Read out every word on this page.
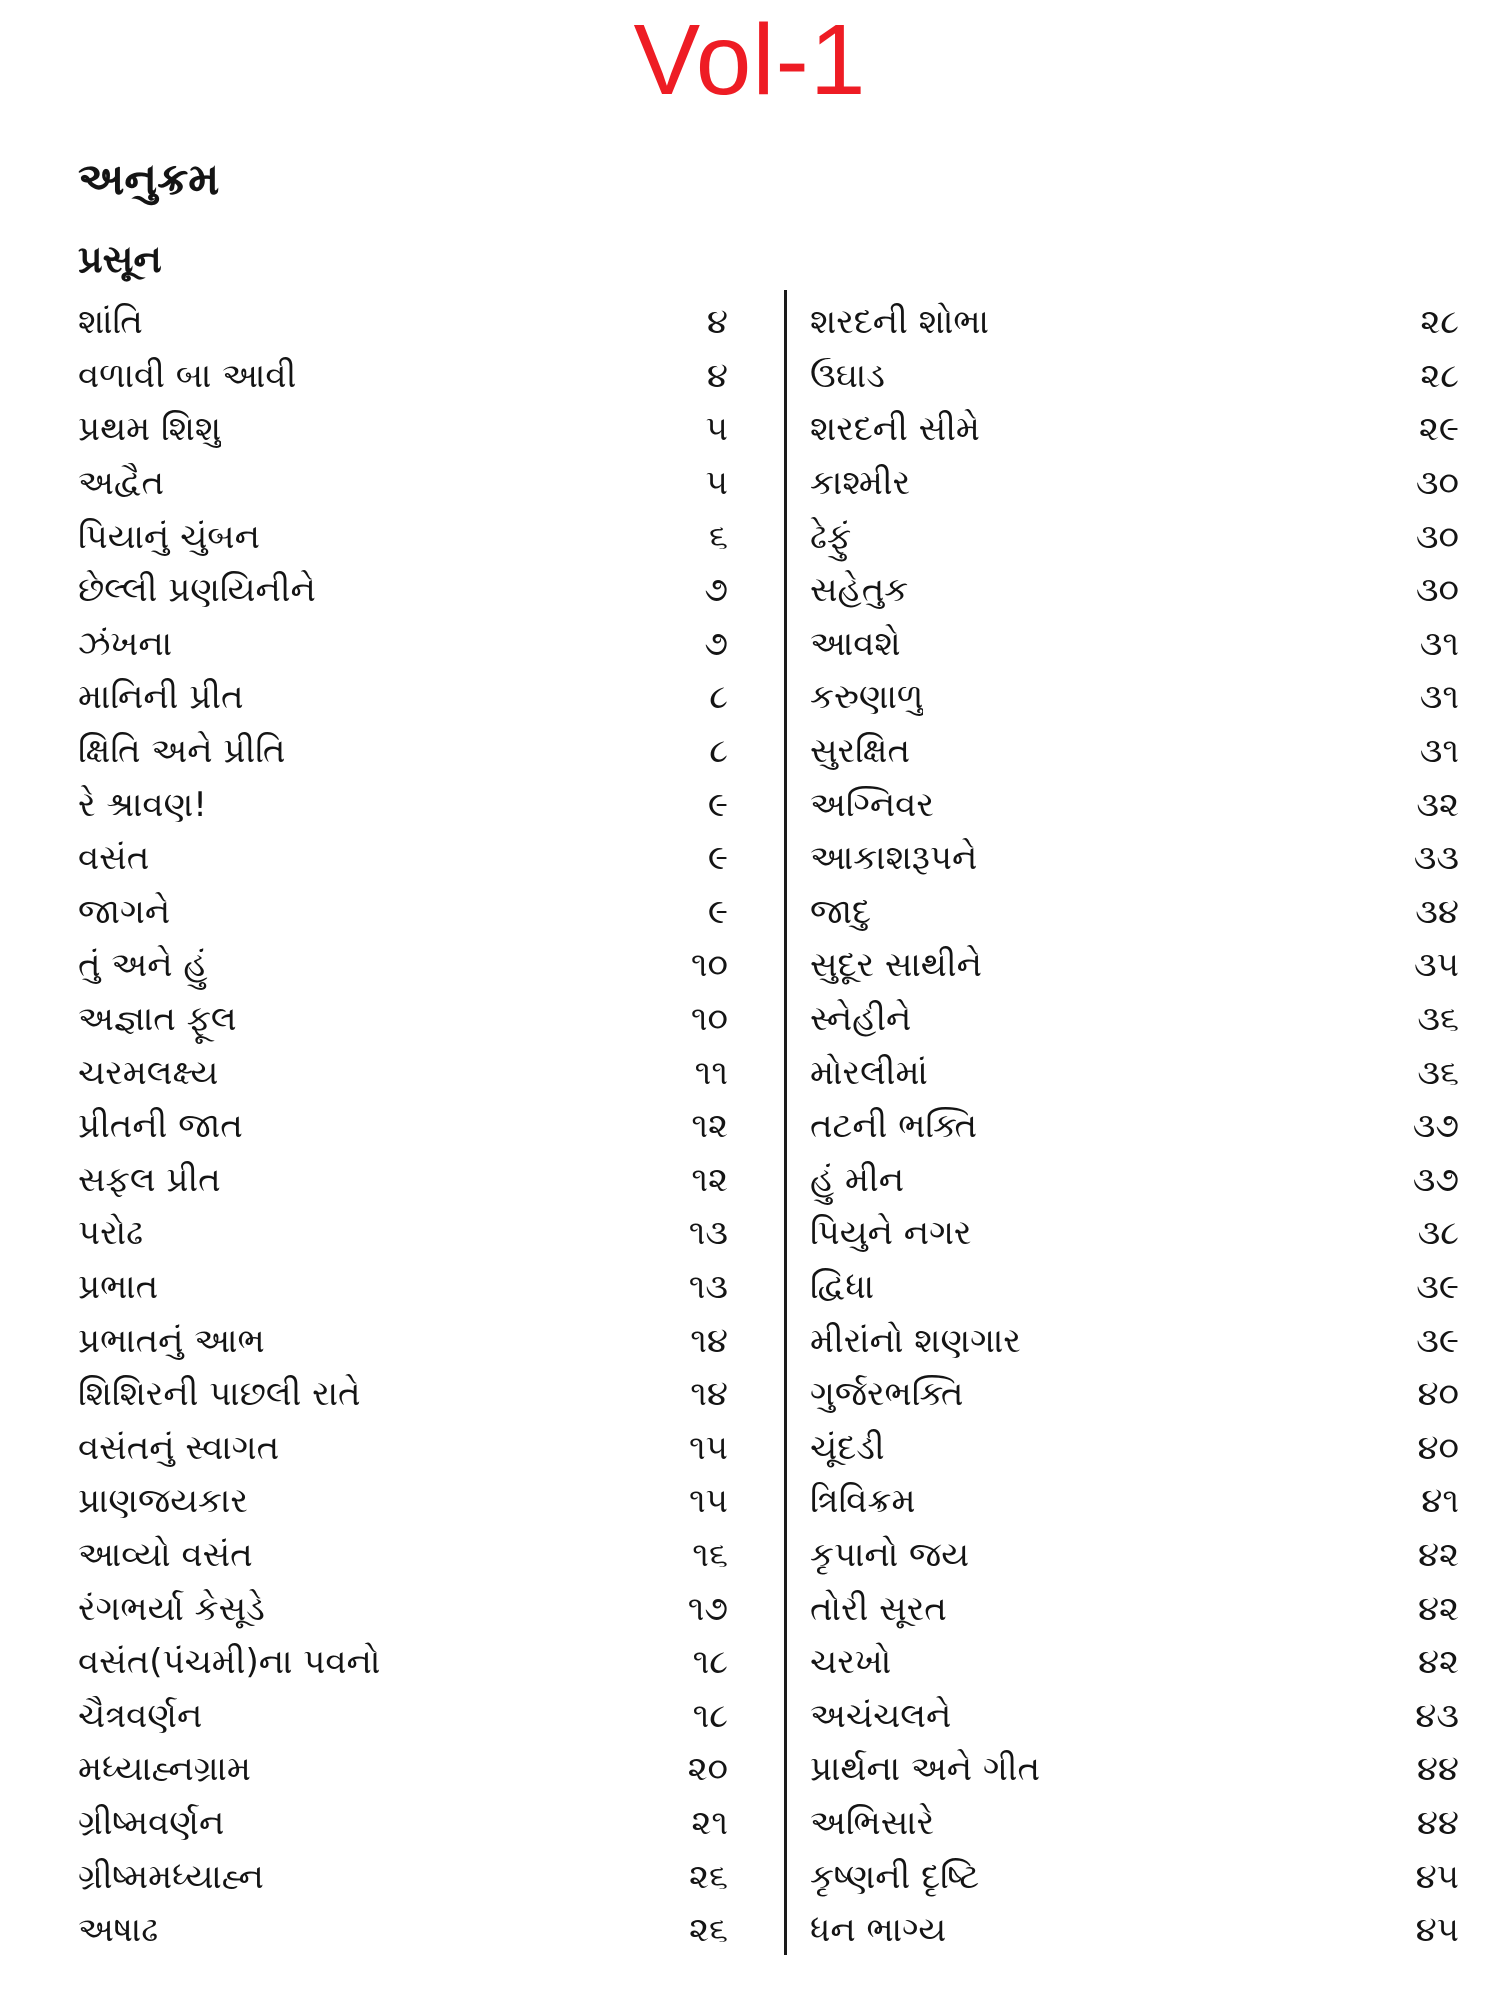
Vol-1
અનુક્રમ
પ્રસૂન
શાંતિ	૪
વળાવી બા આવી	૪
પ્રથમ શિશુ	૫
અદ્વૈત	૫
પિયાનું ચુંબન	૬
છેલ્લી પ્રણયિનીને	૭
ઝંખના	૭
માનિની પ્રીત	૮
ક્ષિતિ અને પ્રીતિ	૮
રે શ્રાવણ!	૯
વસંત	૯
જાગને	૯
તું અને હું	૧૦
અજ્ઞાત ફૂલ	૧૦
ચરમલક્ષ્ય	૧૧
પ્રીતની જાત	૧૨
સફલ પ્રીત	૧૨
પરોઢ	૧૩
પ્રભાત	૧૩
પ્રભાતનું આભ	૧૪
શિશિરની પાછલી રાતે	૧૪
વસંતનું સ્વાગત	૧૫
પ્રાણજયકાર	૧૫
આવ્યો વસંત	૧૬
રંગભર્યા કેસૂડે	૧૭
વસંત(પંચમી)ના પવનો	૧૮
ચૈત્રવર્ણન	૧૮
મધ્યાહ્નગ્રામ	૨૦
ગ્રીષ્મવર્ણન	૨૧
ગ્રીષ્મમધ્યાહ્ન	૨૬
અષાઢ	૨૬
શરદની શોભા	૨૮
ઉઘાડ	૨૮
શરદની સીમે	૨૯
કાશ્મીર	૩૦
ઢેફું	૩૦
સહેતુક	૩૦
આવશે	૩૧
કરુણાળુ	૩૧
સુરક્ષિત	૩૧
અગ્નિવર	૩૨
આકાશરૂપને	૩૩
જાદુ	૩૪
સુદૂર સાથીને	૩૫
સ્નેહીને	૩૬
મોરલીમાં	૩૬
તટની ભક્તિ	૩૭
હું મીન	૩૭
પિયુને નગર	૩૮
દ્વિધા	૩૯
મીરાંનો શણગાર	૩૯
ગુર્જરભક્તિ	૪૦
ચૂંદડી	૪૦
ત્રિવિક્રમ	૪૧
કૃપાનો જય	૪૨
તોરી સૂરત	૪૨
ચરખો	૪૨
અચંચલને	૪૩
પ્રાર્થના અને ગીત	૪૪
અભિસારે	૪૪
કૃષ્ણની દૃષ્ટિ	૪૫
ધન ભાગ્ય	૪૫
